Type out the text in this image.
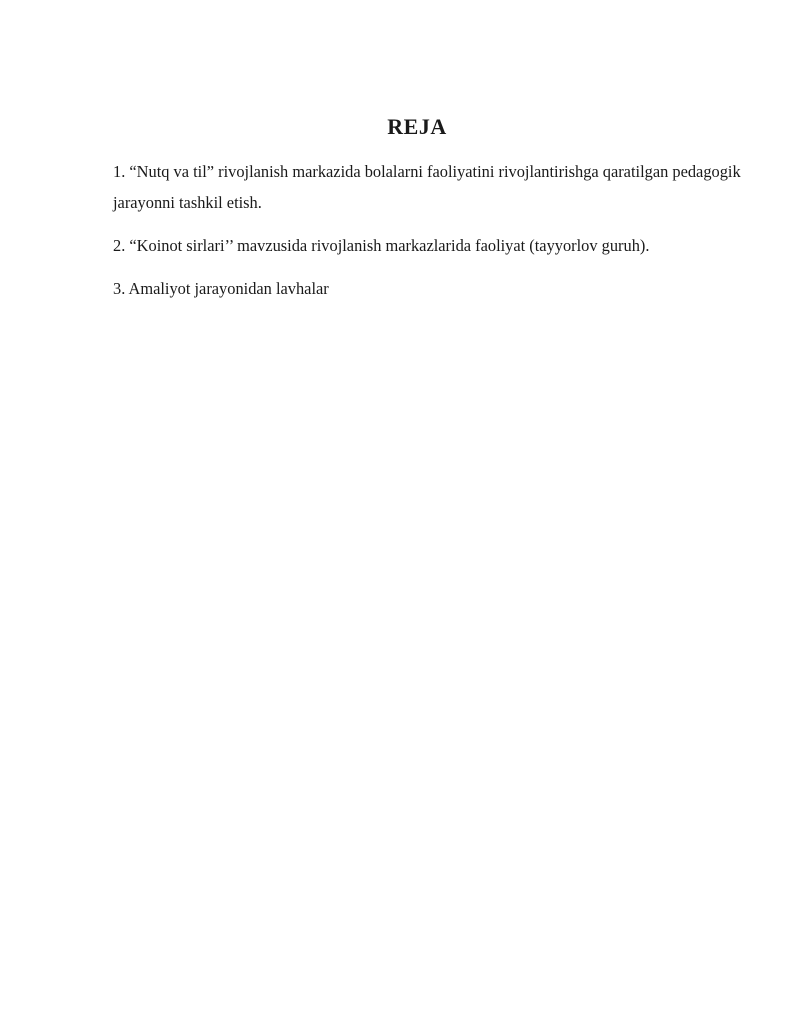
REJA
1. “Nutq va til” rivojlanish markazida bolalarni faoliyatini rivojlantirishga qaratilgan pedagogik jarayonni tashkil etish.
2. “Koinot sirlari’’ mavzusida rivojlanish markazlarida faoliyat (tayyorlov guruh).
3. Amaliyot jarayonidan lavhalar
